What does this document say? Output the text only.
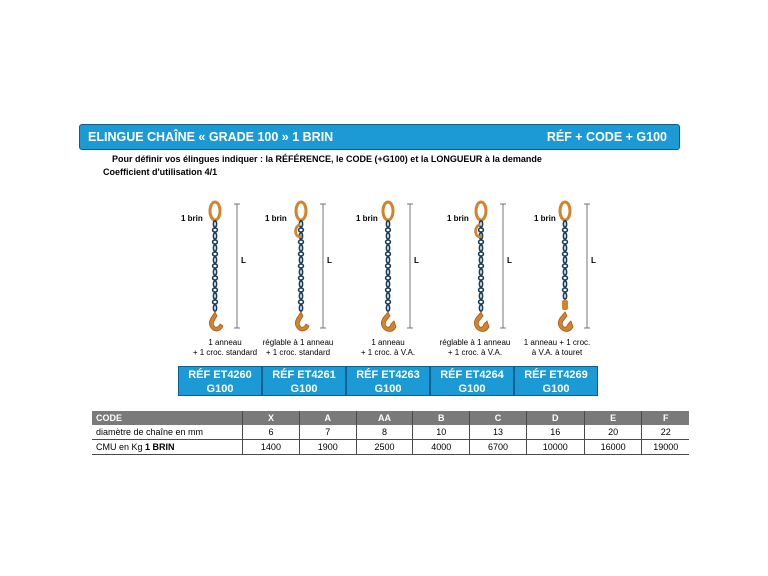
ELINGUE CHAÎNE « GRADE 100 » 1 BRIN	RÉF + CODE + G100
Pour définir vos élingues indiquer : la RÉFÉRENCE, le CODE (+G100) et la LONGUEUR à la demande
Coefficient d'utilisation 4/1
L
1 brin
L
1 brin
L
1 brin
L
1 brin
L
1 brin
1 anneau
+ 1 croc. standard
réglable à 1 anneau
+ 1 croc. standard
1 anneau
+ 1 croc. à V.A.
réglable à 1 anneau
+ 1 croc. à V.A.
1 anneau + 1 croc.
à V.A. à touret
RÉF ET4260
G100
RÉF ET4261
G100
RÉF ET4263
G100
RÉF ET4264
G100
RÉF ET4269
G100
CODE	X	A	AA	B	C	D	E	F
diamètre de chaîne en mm	6	7	8	10	13	16	20	22
CMU en Kg 1 BRIN	1400	1900	2500	4000	6700	10000	16000	19000
